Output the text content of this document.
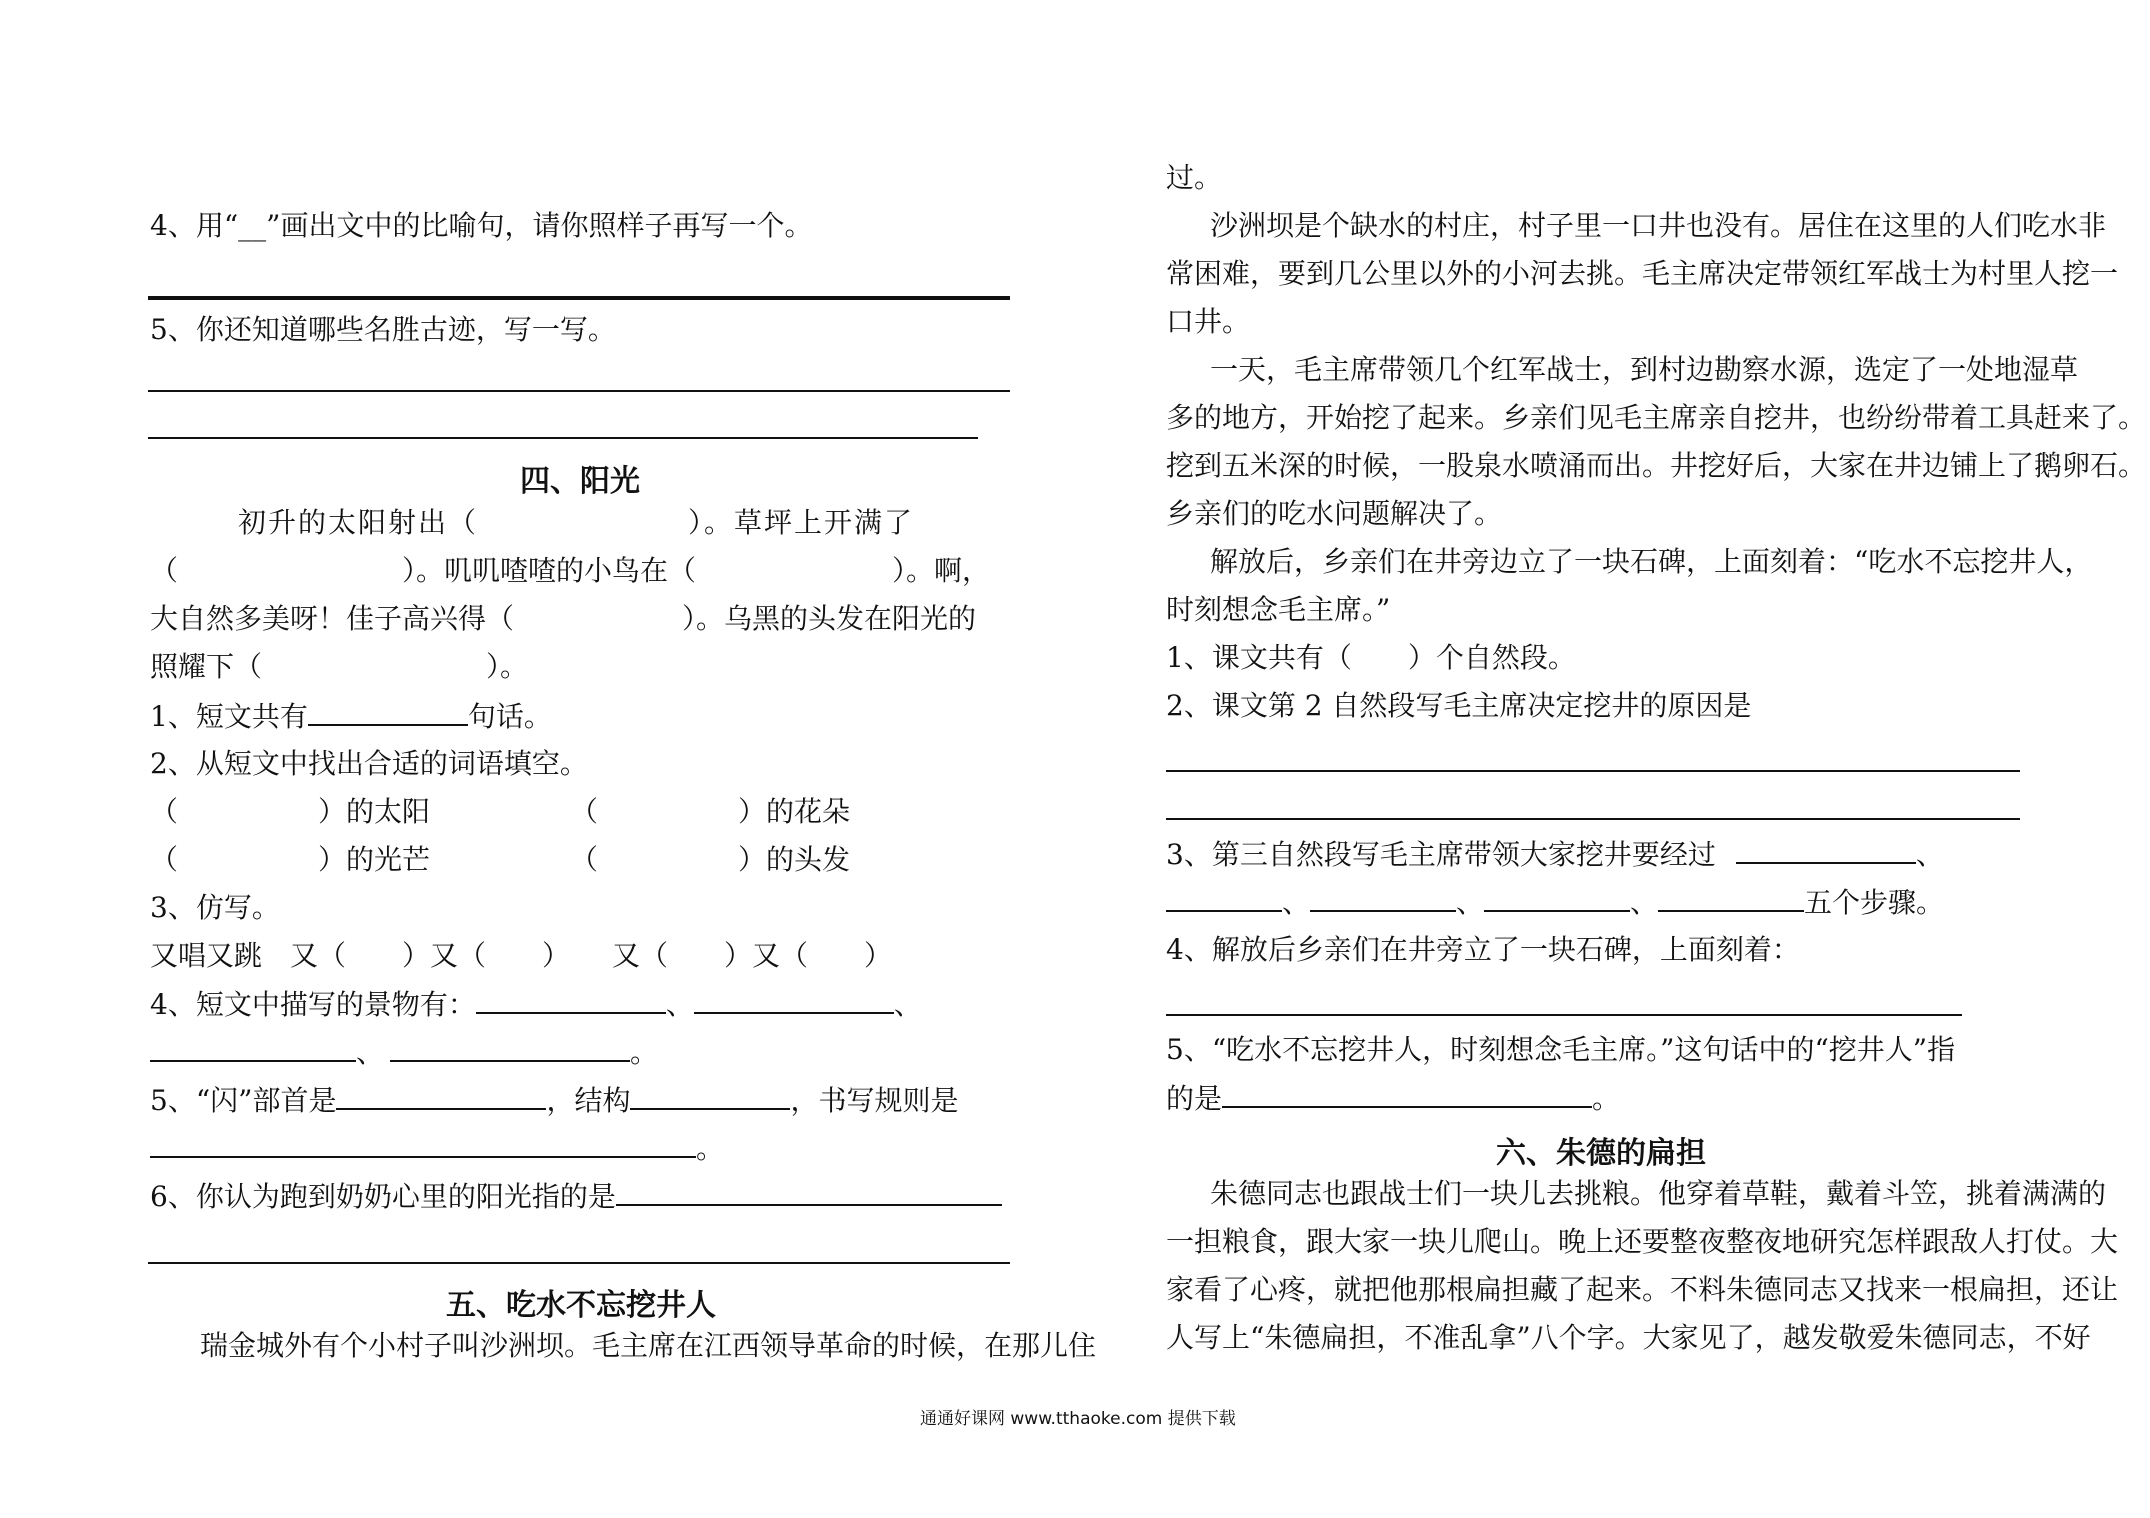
4、用“__”画出文中的比喻句，请你照样子再写一个。
5、你还知道哪些名胜古迹，写一写。
四、阳光
初升的太阳射出（　　　　　　　）。草坪上开满了
（　　　　　　　　）。叽叽喳喳的小鸟在（　　　　　　　）。啊，
大自然多美呀！佳子高兴得（　　　　　　）。乌黑的头发在阳光的
照耀下（　　　　　　　　）。
1、短文共有	句话。
2、从短文中找出合适的词语填空。
（　　　　　）的太阳	（　　　　　）的花朵
（　　　　　）的光芒	（　　　　　）的头发
3、仿写。
又唱又跳　又（　　）又（　　）　　又（　　）又（　　）
4、短文中描写的景物有：	、	、
、	。
5、“闪”部首是	，结构	，书写规则是
。
6、你认为跑到奶奶心里的阳光指的是
五、吃水不忘挖井人
瑞金城外有个小村子叫沙洲坝。毛主席在江西领导革命的时候，在那儿住
过。
沙洲坝是个缺水的村庄，村子里一口井也没有。居住在这里的人们吃水非
常困难，要到几公里以外的小河去挑。毛主席决定带领红军战士为村里人挖一
口井。
一天，毛主席带领几个红军战士，到村边勘察水源，选定了一处地湿草
多的地方，开始挖了起来。乡亲们见毛主席亲自挖井，也纷纷带着工具赶来了。
挖到五米深的时候，一股泉水喷涌而出。井挖好后，大家在井边铺上了鹅卵石。
乡亲们的吃水问题解决了。
解放后，乡亲们在井旁边立了一块石碑，上面刻着：“吃水不忘挖井人，
时刻想念毛主席。”
1、课文共有（　　）个自然段。
2、课文第 2 自然段写毛主席决定挖井的原因是
3、第三自然段写毛主席带领大家挖井要经过	、
、	、	、	五个步骤。
4、解放后乡亲们在井旁立了一块石碑，上面刻着：
5、“吃水不忘挖井人，时刻想念毛主席。”这句话中的“挖井人”指
的是	。
六、朱德的扁担
朱德同志也跟战士们一块儿去挑粮。他穿着草鞋，戴着斗笠，挑着满满的
一担粮食，跟大家一块儿爬山。晚上还要整夜整夜地研究怎样跟敌人打仗。大
家看了心疼，就把他那根扁担藏了起来。不料朱德同志又找来一根扁担，还让
人写上“朱德扁担，不准乱拿”八个字。大家见了，越发敬爱朱德同志，不好
通通好课网 www.tthaoke.com 提供下载
